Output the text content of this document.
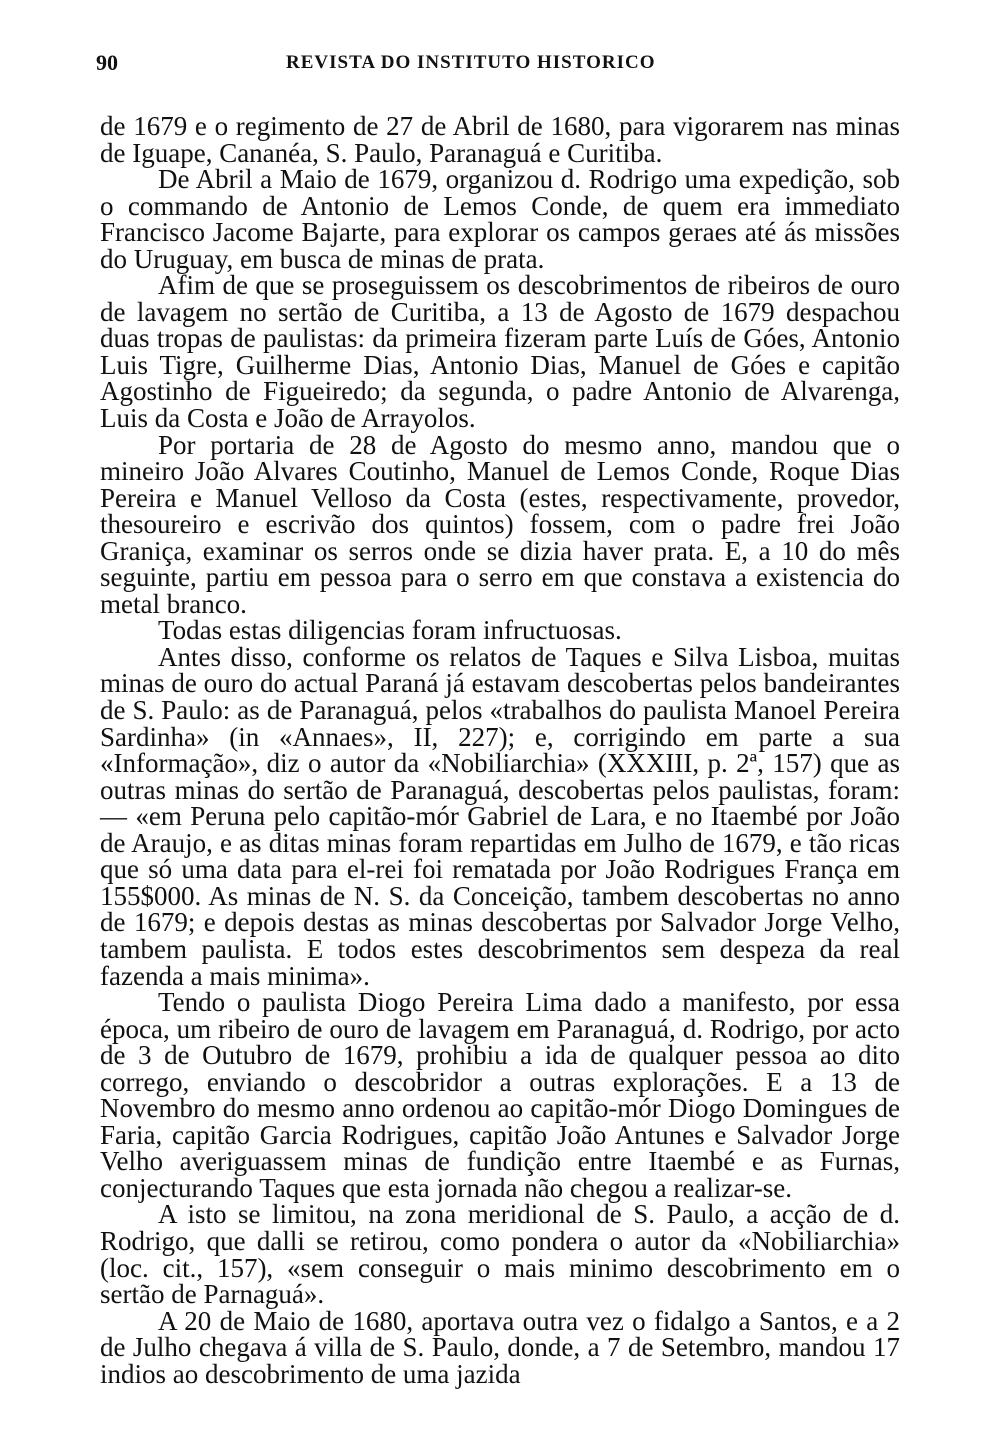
90	REVISTA DO INSTITUTO HISTORICO

de 1679 e o regimento de 27 de Abril de 1680, para vigorarem nas minas de Iguape, Cananéa, S. Paulo, Paranaguá e Curitiba.

De Abril a Maio de 1679, organizou d. Rodrigo uma expedição, sob o commando de Antonio de Lemos Conde, de quem era immediato Francisco Jacome Bajarte, para explorar os campos geraes até ás missões do Uruguay, em busca de minas de prata.

Afim de que se proseguissem os descobrimentos de ribeiros de ouro de lavagem no sertão de Curitiba, a 13 de Agosto de 1679 despachou duas tropas de paulistas: da primeira fizeram parte Luís de Góes, Antonio Luis Tigre, Guilherme Dias, Antonio Dias, Manuel de Góes e capitão Agostinho de Figueiredo; da segunda, o padre Antonio de Alvarenga, Luis da Costa e João de Arrayolos.

Por portaria de 28 de Agosto do mesmo anno, mandou que o mineiro João Alvares Coutinho, Manuel de Lemos Conde, Roque Dias Pereira e Manuel Velloso da Costa (estes, respectivamente, provedor, thesoureiro e escrivão dos quintos) fossem, com o padre frei João Graniça, examinar os serros onde se dizia haver prata. E, a 10 do mês seguinte, partiu em pessoa para o serro em que constava a existencia do metal branco.

Todas estas diligencias foram infructuosas.

Antes disso, conforme os relatos de Taques e Silva Lisboa, muitas minas de ouro do actual Paraná já estavam descobertas pelos bandeirantes de S. Paulo: as de Paranaguá, pelos «trabalhos do paulista Manoel Pereira Sardinha» (in «Annaes», II, 227); e, corrigindo em parte a sua «Informação», diz o autor da «Nobiliarchia» (XXXIII, p. 2ª, 157) que as outras minas do sertão de Paranaguá, descobertas pelos paulistas, foram: — «em Peruna pelo capitão-mór Gabriel de Lara, e no Itaembé por João de Araujo, e as ditas minas foram repartidas em Julho de 1679, e tão ricas que só uma data para el-rei foi rematada por João Rodrigues França em 155$000. As minas de N. S. da Conceição, tambem descobertas no anno de 1679; e depois destas as minas descobertas por Salvador Jorge Velho, tambem paulista. E todos estes descobrimentos sem despeza da real fazenda a mais minima».

Tendo o paulista Diogo Pereira Lima dado a manifesto, por essa época, um ribeiro de ouro de lavagem em Paranaguá, d. Rodrigo, por acto de 3 de Outubro de 1679, prohibiu a ida de qualquer pessoa ao dito corrego, enviando o descobridor a outras explorações. E a 13 de Novembro do mesmo anno ordenou ao capitão-mór Diogo Domingues de Faria, capitão Garcia Rodrigues, capitão João Antunes e Salvador Jorge Velho averiguassem minas de fundição entre Itaembé e as Furnas, conjecturando Taques que esta jornada não chegou a realizar-se.

A isto se limitou, na zona meridional de S. Paulo, a acção de d. Rodrigo, que dalli se retirou, como pondera o autor da «Nobiliarchia» (loc. cit., 157), «sem conseguir o mais minimo descobrimento em o sertão de Parnaguá».

A 20 de Maio de 1680, aportava outra vez o fidalgo a Santos, e a 2 de Julho chegava á villa de S. Paulo, donde, a 7 de Setembro, mandou 17 indios ao descobrimento de uma jazida
